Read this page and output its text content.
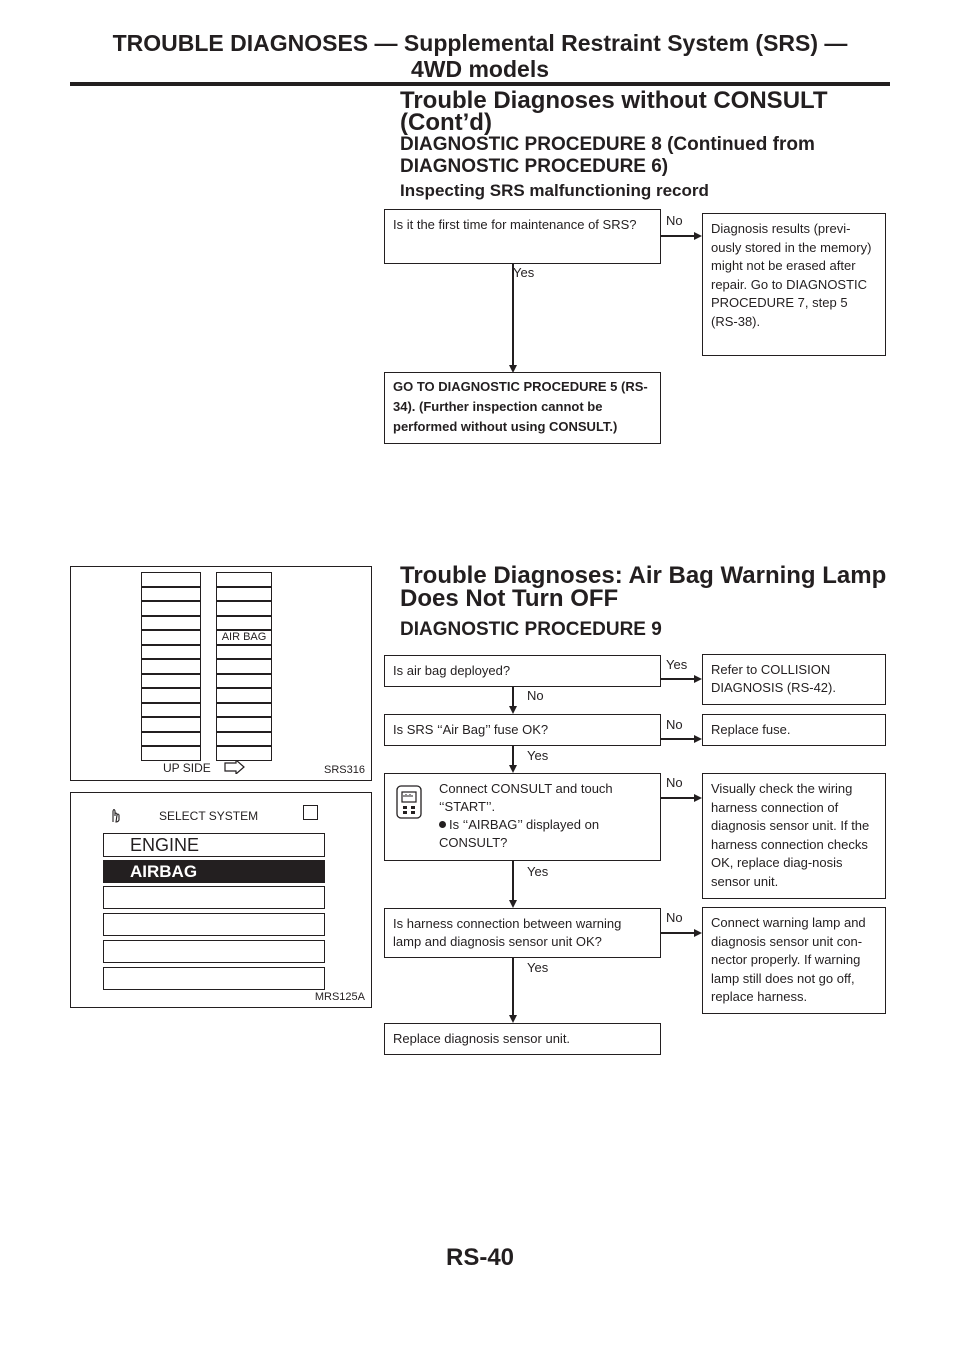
TROUBLE DIAGNOSES — Supplemental Restraint System (SRS) —
4WD models
Trouble Diagnoses without CONSULT
(Cont’d)
DIAGNOSTIC PROCEDURE 8 (Continued from
DIAGNOSTIC PROCEDURE 6)
Inspecting SRS malfunctioning record
Is it the first time for maintenance of SRS?	No
Diagnosis results (previ-ously stored in the memory) might not be erased after repair. Go to DIAGNOSTIC PROCEDURE 7, step 5 (RS-38).
Yes
GO TO DIAGNOSTIC PROCEDURE 5 (RS-34). (Further inspection cannot be performed without using CONSULT.)
Trouble Diagnoses: Air Bag Warning Lamp
Does Not Turn OFF
DIAGNOSTIC PROCEDURE 9
AIR BAG
UP SIDE	SRS316
SELECT SYSTEM
ENGINE
AIRBAG
MRS125A
Is air bag deployed?	Yes	Refer to COLLISION DIAGNOSIS (RS-42).
No
Is SRS ‘‘Air Bag’’ fuse OK?	No	Replace fuse.
Yes
Connect CONSULT and touch ‘‘START’’.
Is ‘‘AIRBAG’’ displayed on CONSULT?
No	Visually check the wiring harness connection of diagnosis sensor unit. If the harness connection checks OK, replace diag-nosis sensor unit.
Yes
Is harness connection between warning lamp and diagnosis sensor unit OK?
No	Connect warning lamp and diagnosis sensor unit con-nector properly. If warning lamp still does not go off, replace harness.
Yes
Replace diagnosis sensor unit.
RS-40
